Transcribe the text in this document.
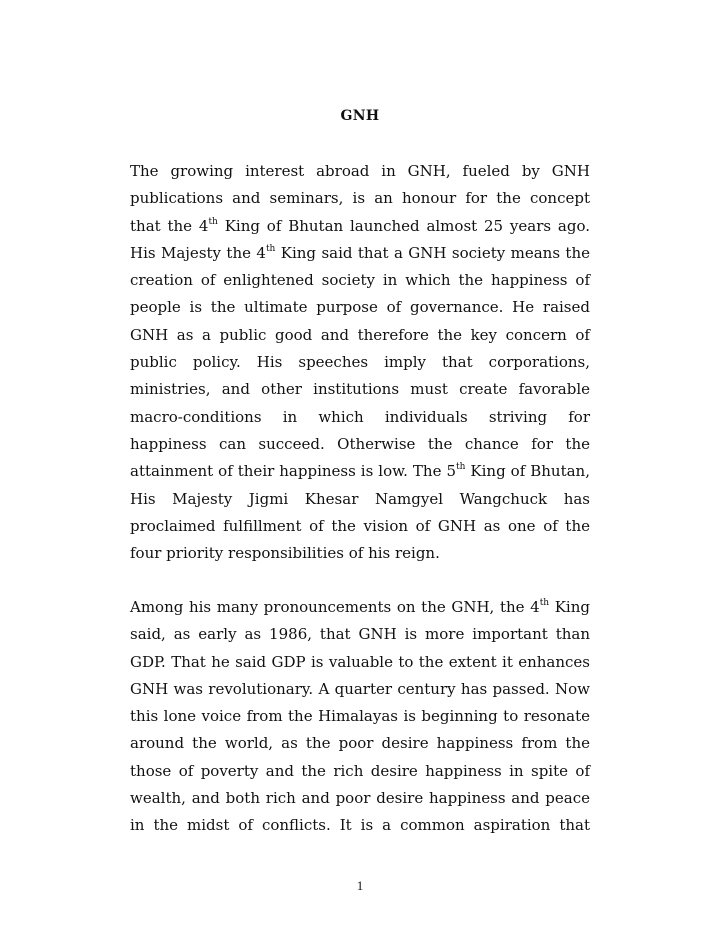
GNH

The growing interest abroad in GNH, fueled by GNH
publications and seminars, is an honour for the concept
that the 4th King of Bhutan launched almost 25 years ago.
His Majesty the 4th King said that a GNH society means the
creation of enlightened society in which the happiness of
people is the ultimate purpose of governance. He raised
GNH as a public good and therefore the key concern of
public policy. His speeches imply that corporations,
ministries, and other institutions must create favorable
macro-conditions in which individuals striving for
happiness can succeed. Otherwise the chance for the
attainment of their happiness is low. The 5th King of Bhutan,
His Majesty Jigmi Khesar Namgyel Wangchuck has
proclaimed fulfillment of the vision of GNH as one of the
four priority responsibilities of his reign.

Among his many pronouncements on the GNH, the 4th King
said, as early as 1986, that GNH is more important than
GDP. That he said GDP is valuable to the extent it enhances
GNH was revolutionary. A quarter century has passed. Now
this lone voice from the Himalayas is beginning to resonate
around the world, as the poor desire happiness from the
those of poverty and the rich desire happiness in spite of
wealth, and both rich and poor desire happiness and peace
in the midst of conflicts. It is a common aspiration that

1
